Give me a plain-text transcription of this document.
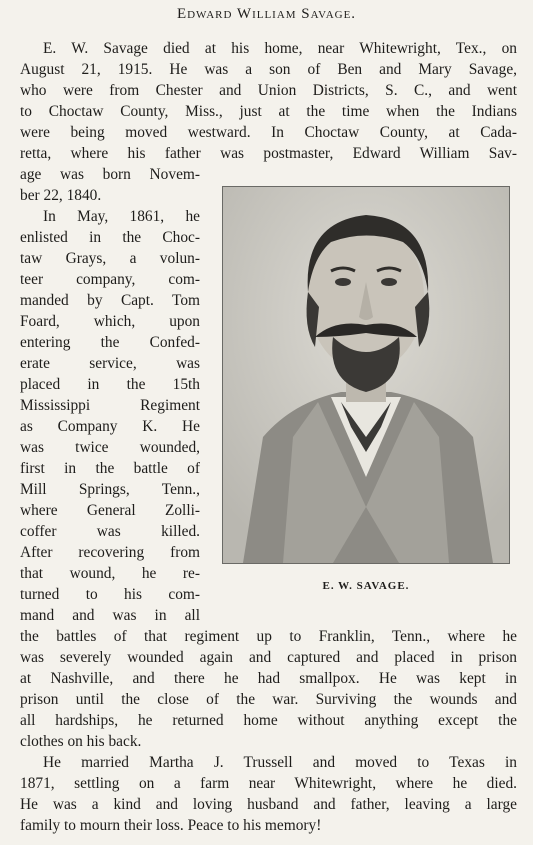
Edward William Savage.
E. W. Savage died at his home, near Whitewright, Tex., on
August 21, 1915. He was a son of Ben and Mary Savage,
who were from Chester and Union Districts, S. C., and went
to Choctaw County, Miss., just at the time when the Indians
were being moved westward. In Choctaw County, at Cada-
retta, where his father was postmaster, Edward William Sav-
age was born Novem-
ber 22, 1840.
In May, 1861, he
enlisted in the Choc-
taw Grays, a volun-
teer company, com-
manded by Capt. Tom
Foard, which, upon
entering the Confed-
erate service, was
placed in the 15th
Mississippi Regiment
as Company K. He
was twice wounded,
first in the battle of
Mill Springs, Tenn.,
where General Zolli-
coffer was killed.
After recovering from
that wound, he re-
turned to his com-
mand and was in all
the battles of that regiment up to Franklin, Tenn., where he
was severely wounded again and captured and placed in prison
at Nashville, and there he had smallpox. He was kept in
prison until the close of the war. Surviving the wounds and
all hardships, he returned home without anything except the
clothes on his back.
He married Martha J. Trussell and moved to Texas in
1871, settling on a farm near Whitewright, where he died.
He was a kind and loving husband and father, leaving a large
family to mourn their loss. Peace to his memory!
E. W. SAVAGE.
